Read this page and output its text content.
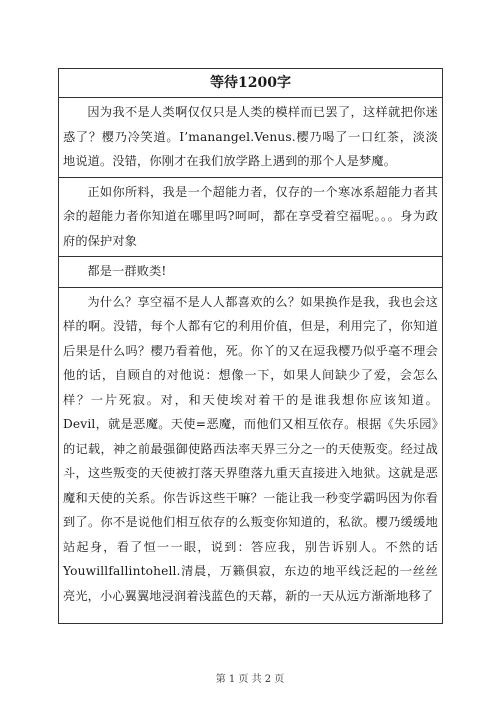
等待1200字
因为我不是人类啊仅仅只是人类的模样而已罢了，这样就把你迷惑了？樱乃冷笑道。I’manangel.Venus.樱乃喝了一口红茶，淡淡地说道。没错，你刚才在我们放学路上遇到的那个人是梦魔。
正如你所料，我是一个超能力者，仅存的一个寒冰系超能力者其余的超能力者你知道在哪里吗?呵呵，都在享受着空福呢。。。身为政府的保护对象
都是一群败类!
为什么？享空福不是人人都喜欢的么？如果换作是我，我也会这样的啊。没错，每个人都有它的利用价值，但是，利用完了，你知道后果是什么吗？樱乃看着他，死。你丫的又在逗我樱乃似乎毫不理会他的话，自顾自的对他说：想像一下，如果人间缺少了爱，会怎么样？一片死寂。对，和天使埃对着干的是谁我想你应该知道。Devil，就是恶魔。天使=恶魔，而他们又相互依存。根据《失乐园》的记载，神之前最强御使路西法率天界三分之一的天使叛变。经过战斗，这些叛变的天使被打落天界堕落九重天直接进入地狱。这就是恶魔和天使的关系。你告诉这些干嘛？一能让我一秒变学霸吗因为你看到了。你不是说他们相互依存的么叛变你知道的，私欲。樱乃缓缓地站起身，看了恒一一眼，说到：答应我，别告诉别人。不然的话Youwillfallintohell.清晨，万籁俱寂，东边的地平线泛起的一丝丝亮光，小心翼翼地浸润着浅蓝色的天幕，新的一天从远方渐渐地移了
第 1 页 共 2 页
